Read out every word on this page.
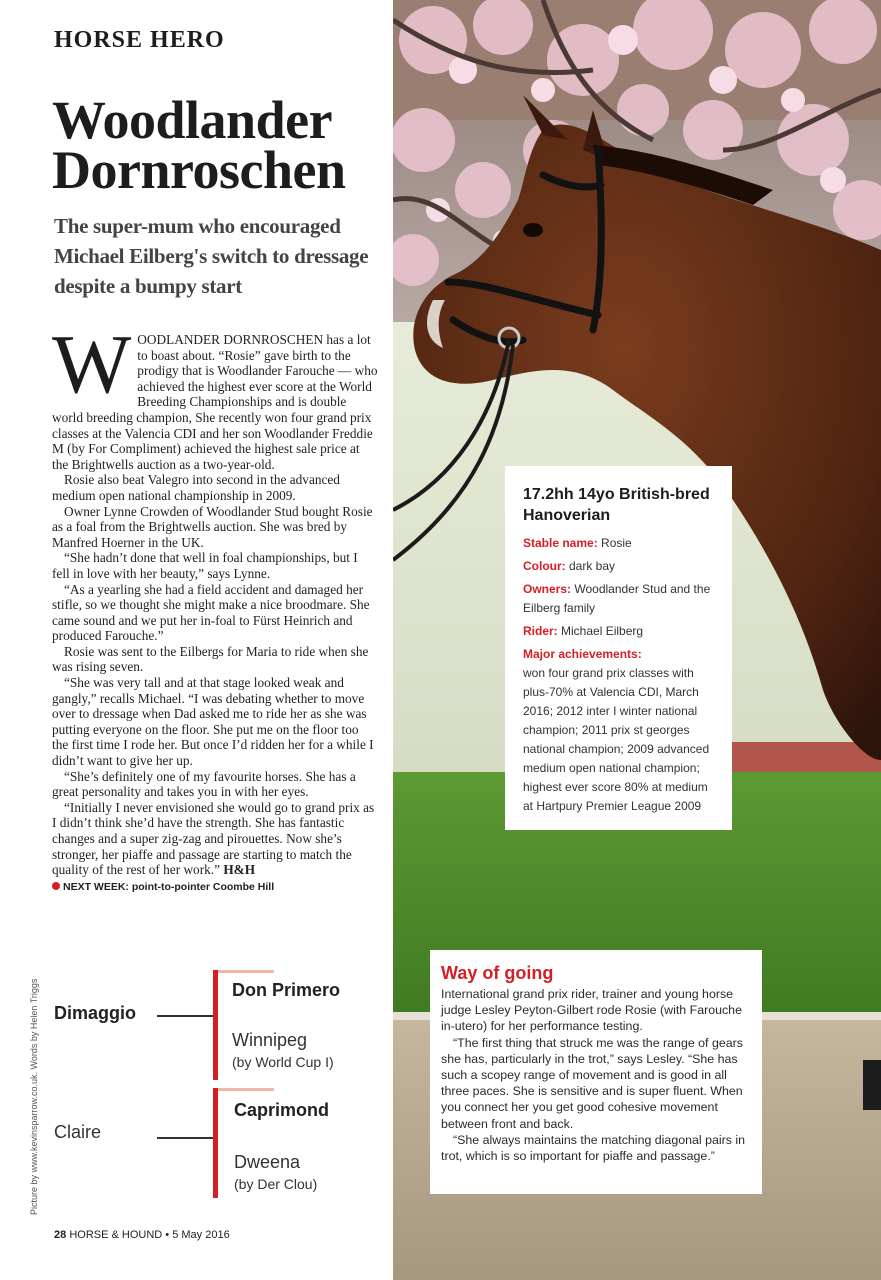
HORSE HERO
Woodlander Dornroschen
The super-mum who encouraged Michael Eilberg's switch to dressage despite a bumpy start
W OODLANDER DORNROSCHEN has a lot to boast about. “Rosie” gave birth to the prodigy that is Woodlander Farouche — who achieved the highest ever score at the World Breeding Championships and is double world breeding champion, She recently won four grand prix classes at the Valencia CDI and her son Woodlander Freddie M (by For Compliment) achieved the highest sale price at the Brightwells auction as a two-year-old.

Rosie also beat Valegro into second in the advanced medium open national championship in 2009.

Owner Lynne Crowden of Woodlander Stud bought Rosie as a foal from the Brightwells auction. She was bred by Manfred Hoerner in the UK.

“She hadn’t done that well in foal championships, but I fell in love with her beauty,” says Lynne.

“As a yearling she had a field accident and damaged her stifle, so we thought she might make a nice broodmare. She came sound and we put her in-foal to Fürst Heinrich and produced Farouche.”

Rosie was sent to the Eilbergs for Maria to ride when she was rising seven.

“She was very tall and at that stage looked weak and gangly,” recalls Michael. “I was debating whether to move over to dressage when Dad asked me to ride her as she was putting everyone on the floor. She put me on the floor too the first time I rode her. But once I’d ridden her for a while I didn’t want to give her up.

“She’s definitely one of my favourite horses. She has a great personality and takes you in with her eyes.

“Initially I never envisioned she would go to grand prix as I didn’t think she’d have the strength. She has fantastic changes and a super zig-zag and pirouettes. Now she’s stronger, her piaffe and passage are starting to match the quality of the rest of her work.” H&H

NEXT WEEK: point-to-pointer Coombe Hill
Dimaggio
Don Primero
Winnipeg
(by World Cup I)
Claire
Caprimond
Dweena
(by Der Clou)
Picture by www.kevinsparrow.co.uk. Words by Helen Triggs
28 HORSE & HOUND • 5 May 2016
17.2hh 14yo British-bred Hanoverian
Stable name: Rosie
Colour: dark bay
Owners: Woodlander Stud and the Eilberg family
Rider: Michael Eilberg
Major achievements:
won four grand prix classes with plus-70% at Valencia CDI, March 2016; 2012 inter I winter national champion; 2011 prix st georges national champion; 2009 advanced medium open national champion; highest ever score 80% at medium at Hartpury Premier League 2009
Way of going

International grand prix rider, trainer and young horse judge Lesley Peyton-Gilbert rode Rosie (with Farouche in-utero) for her performance testing.

“The first thing that struck me was the range of gears she has, particularly in the trot,” says Lesley. “She has such a scopey range of movement and is good in all three paces. She is sensitive and is super fluent. When you connect her you get good cohesive movement between front and back.

“She always maintains the matching diagonal pairs in trot, which is so important for piaffe and passage.”
